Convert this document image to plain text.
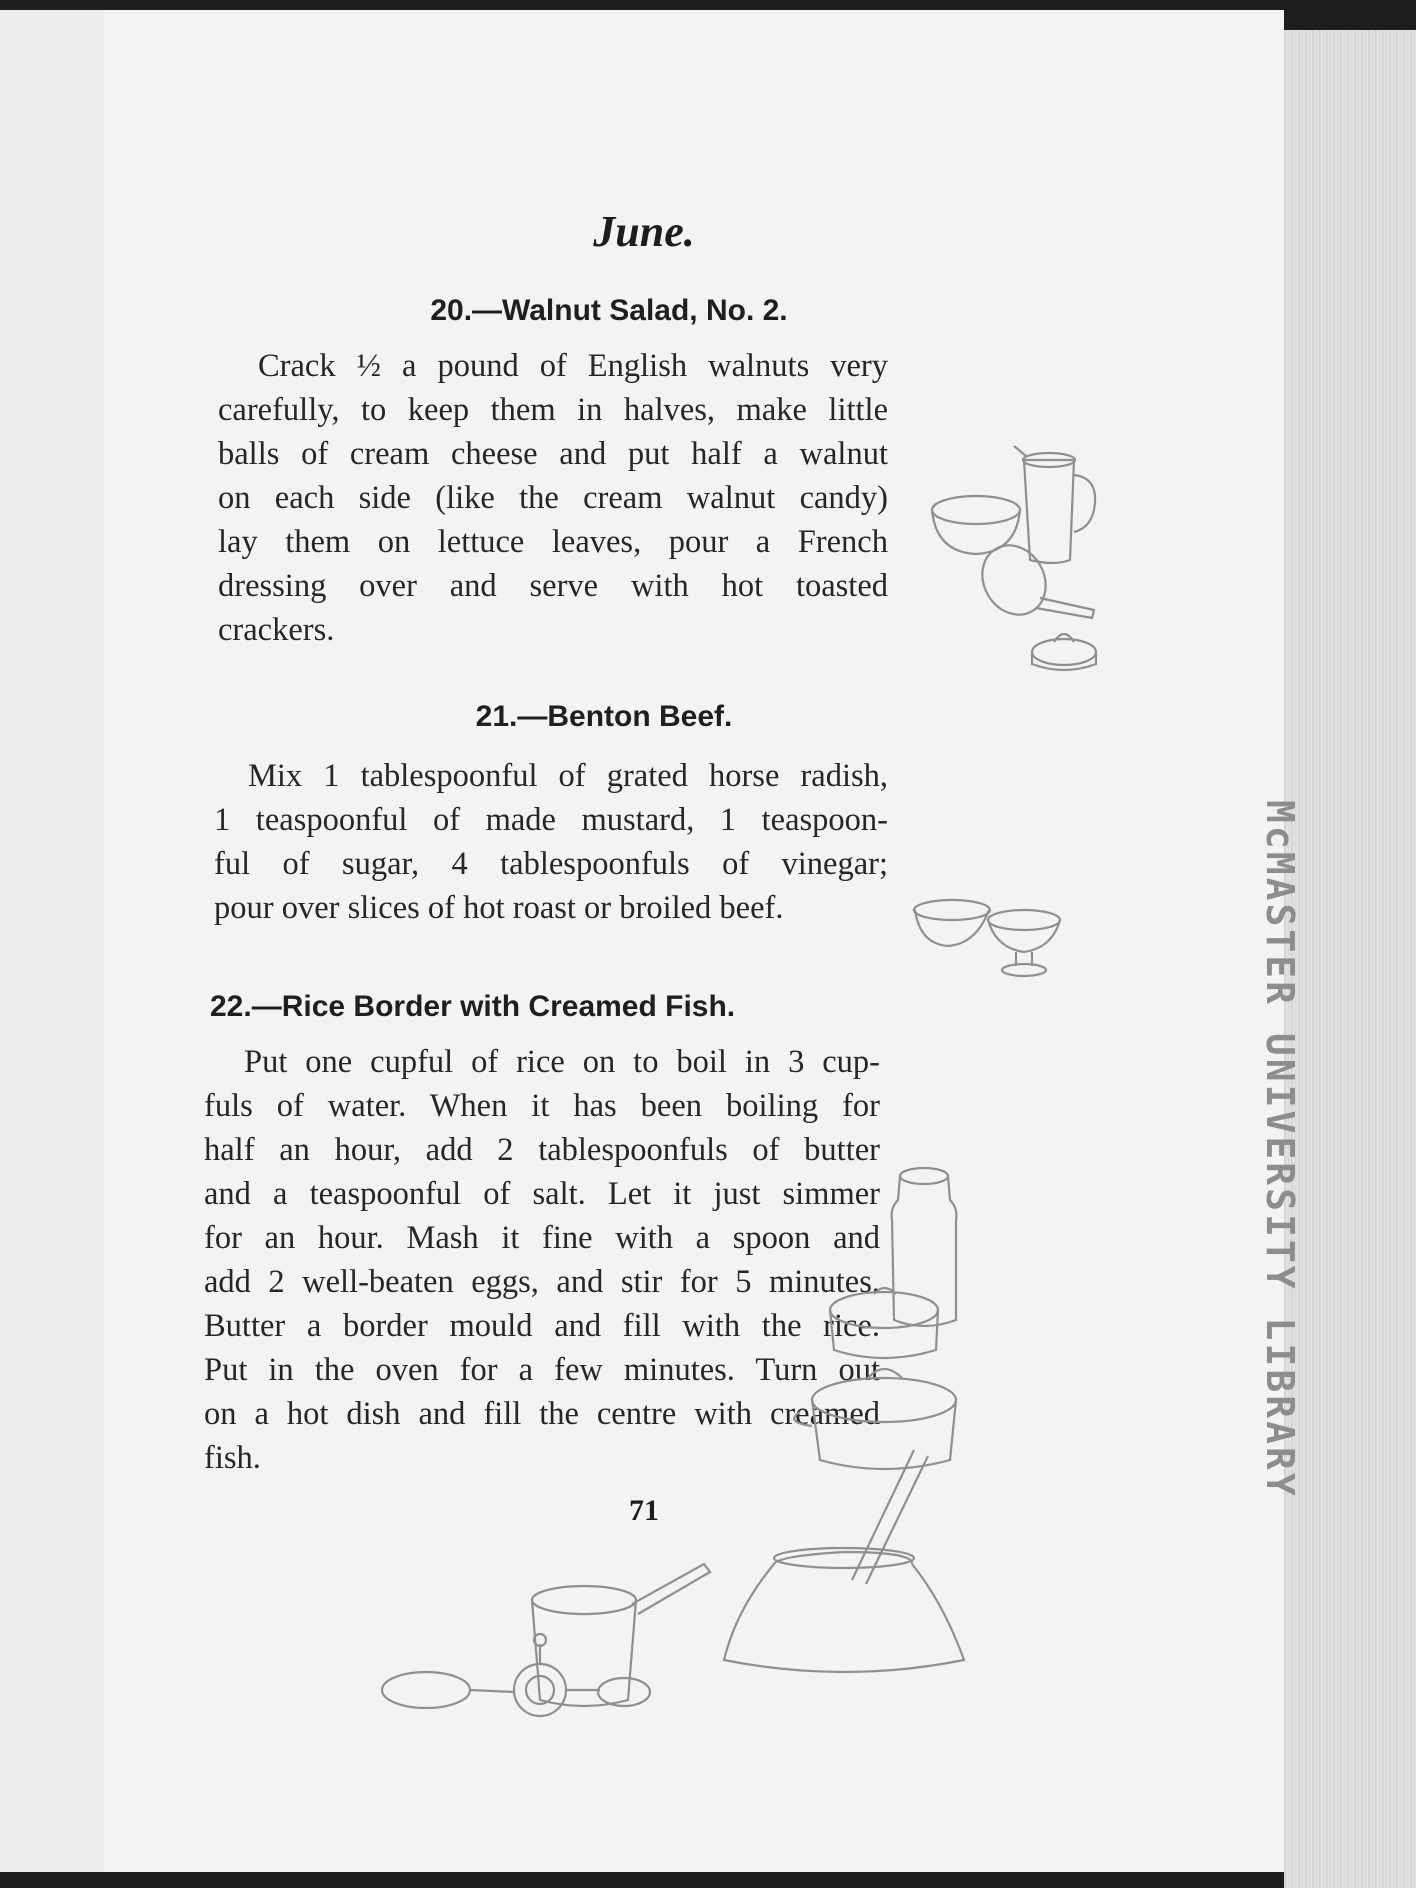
June.
20.—Walnut Salad, No. 2.
Crack ½ a pound of English walnuts very
carefully, to keep them in halves, make little
balls of cream cheese and put half a walnut
on each side (like the cream walnut candy)
lay them on lettuce leaves, pour a French
dressing over and serve with hot toasted
crackers.
21.—Benton Beef.
Mix 1 tablespoonful of grated horse radish,
1 teaspoonful of made mustard, 1 teaspoon-
ful of sugar, 4 tablespoonfuls of vinegar;
pour over slices of hot roast or broiled beef.
22.—Rice Border with Creamed Fish.
Put one cupful of rice on to boil in 3 cup-
fuls of water. When it has been boiling for
half an hour, add 2 tablespoonfuls of butter
and a teaspoonful of salt. Let it just simmer
for an hour. Mash it fine with a spoon and
add 2 well-beaten eggs, and stir for 5 minutes.
Butter a border mould and fill with the rice.
Put in the oven for a few minutes. Turn out
on a hot dish and fill the centre with creamed
fish.
71
McMASTER UNIVERSITY LIBRARY
